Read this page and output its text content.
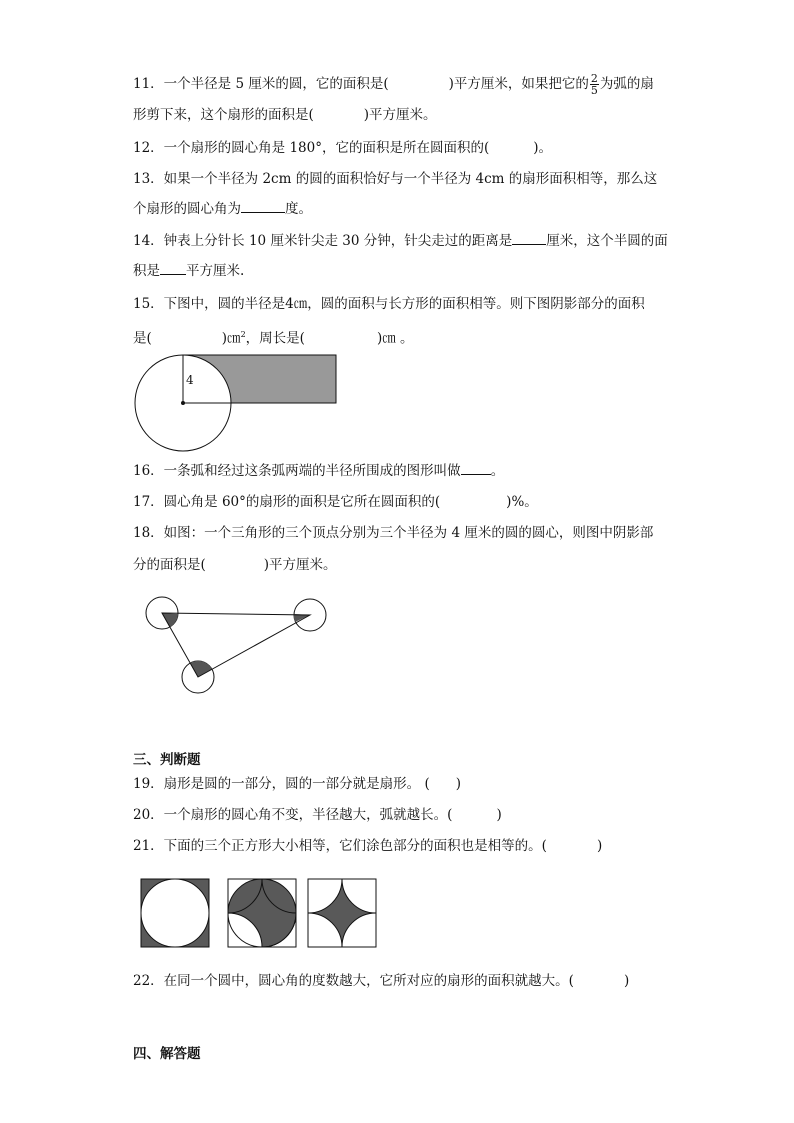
11．一个半径是 5 厘米的圆，它的面积是(	)平方厘米，如果把它的 $\frac{2}{5}$ 为弧的扇
形剪下来，这个扇形的面积是(	)平方厘米。
12．一个扇形的圆心角是 180°，它的面积是所在圆面积的(	)。
13．如果一个半径为 2cm 的圆的面积恰好与一个半径为 4cm 的扇形面积相等，那么这
个扇形的圆心角为	度。
14．钟表上分针长 10 厘米针尖走 30 分钟，针尖走过的距离是	厘米，这个半圆的面
积是 平方厘米.
15．下图中，圆的半径是4㎝，圆的面积与长方形的面积相等。则下图阴影部分的面积
是(	)㎝$^2$，周长是(	)㎝ 。
4
16．一条弧和经过这条弧两端的半径所围成的图形叫做 。
17．圆心角是 60°的扇形的面积是它所在圆面积的(	)%。
18．如图：一个三角形的三个顶点分别为三个半径为 4 厘米的圆的圆心，则图中阴影部
分的面积是(	)平方厘米。
三、判断题
19．扇形是圆的一部分，圆的一部分就是扇形。 ( )
20．一个扇形的圆心角不变，半径越大，弧就越长。(	)
21．下面的三个正方形大小相等，它们涂色部分的面积也是相等的。(	)
22．在同一个圆中，圆心角的度数越大，它所对应的扇形的面积就越大。(	)
四、解答题
